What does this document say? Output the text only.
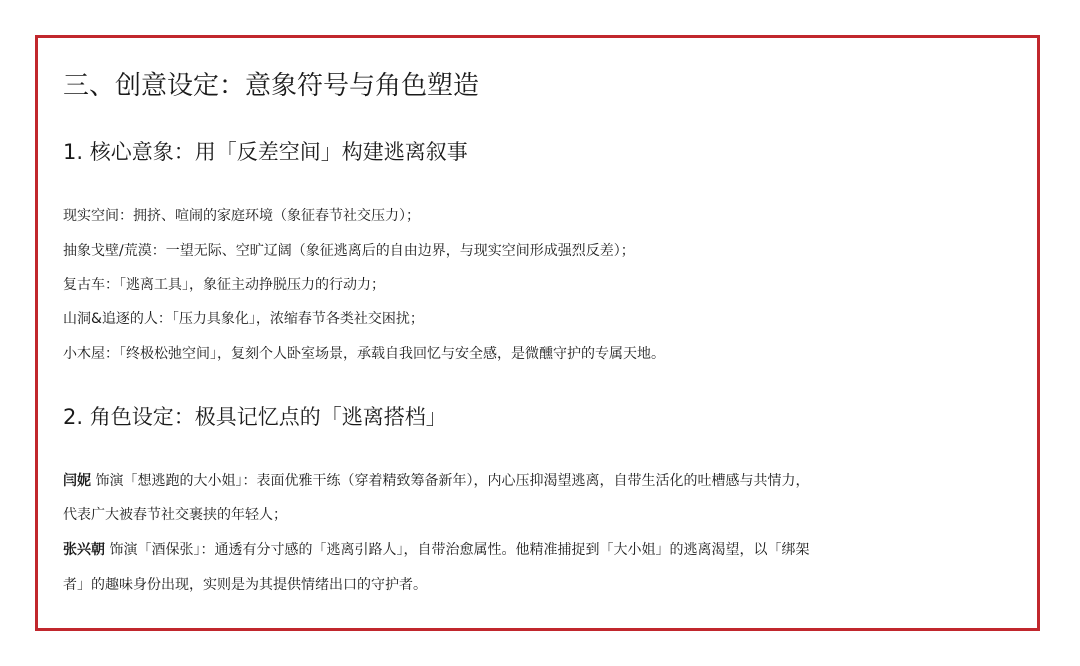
三、创意设定：意象符号与角色塑造
1. 核心意象：用「反差空间」构建逃离叙事
现实空间：拥挤、喧闹的家庭环境（象征春节社交压力）；
抽象戈壁/荒漠：一望无际、空旷辽阔（象征逃离后的自由边界，与现实空间形成强烈反差）；
复古车：「逃离工具」，象征主动挣脱压力的行动力；
山洞&追逐的人：「压力具象化」，浓缩春节各类社交困扰；
小木屋：「终极松弛空间」，复刻个人卧室场景，承载自我回忆与安全感，是微醺守护的专属天地。
2. 角色设定：极具记忆点的「逃离搭档」
闫妮 饰演「想逃跑的大小姐」：表面优雅干练（穿着精致筹备新年），内心压抑渴望逃离，自带生活化的吐槽感与共情力，
代表广大被春节社交裹挟的年轻人；
张兴朝 饰演「酒保张」：通透有分寸感的「逃离引路人」，自带治愈属性。他精准捕捉到「大小姐」的逃离渴望，以「绑架
者」的趣味身份出现，实则是为其提供情绪出口的守护者。
